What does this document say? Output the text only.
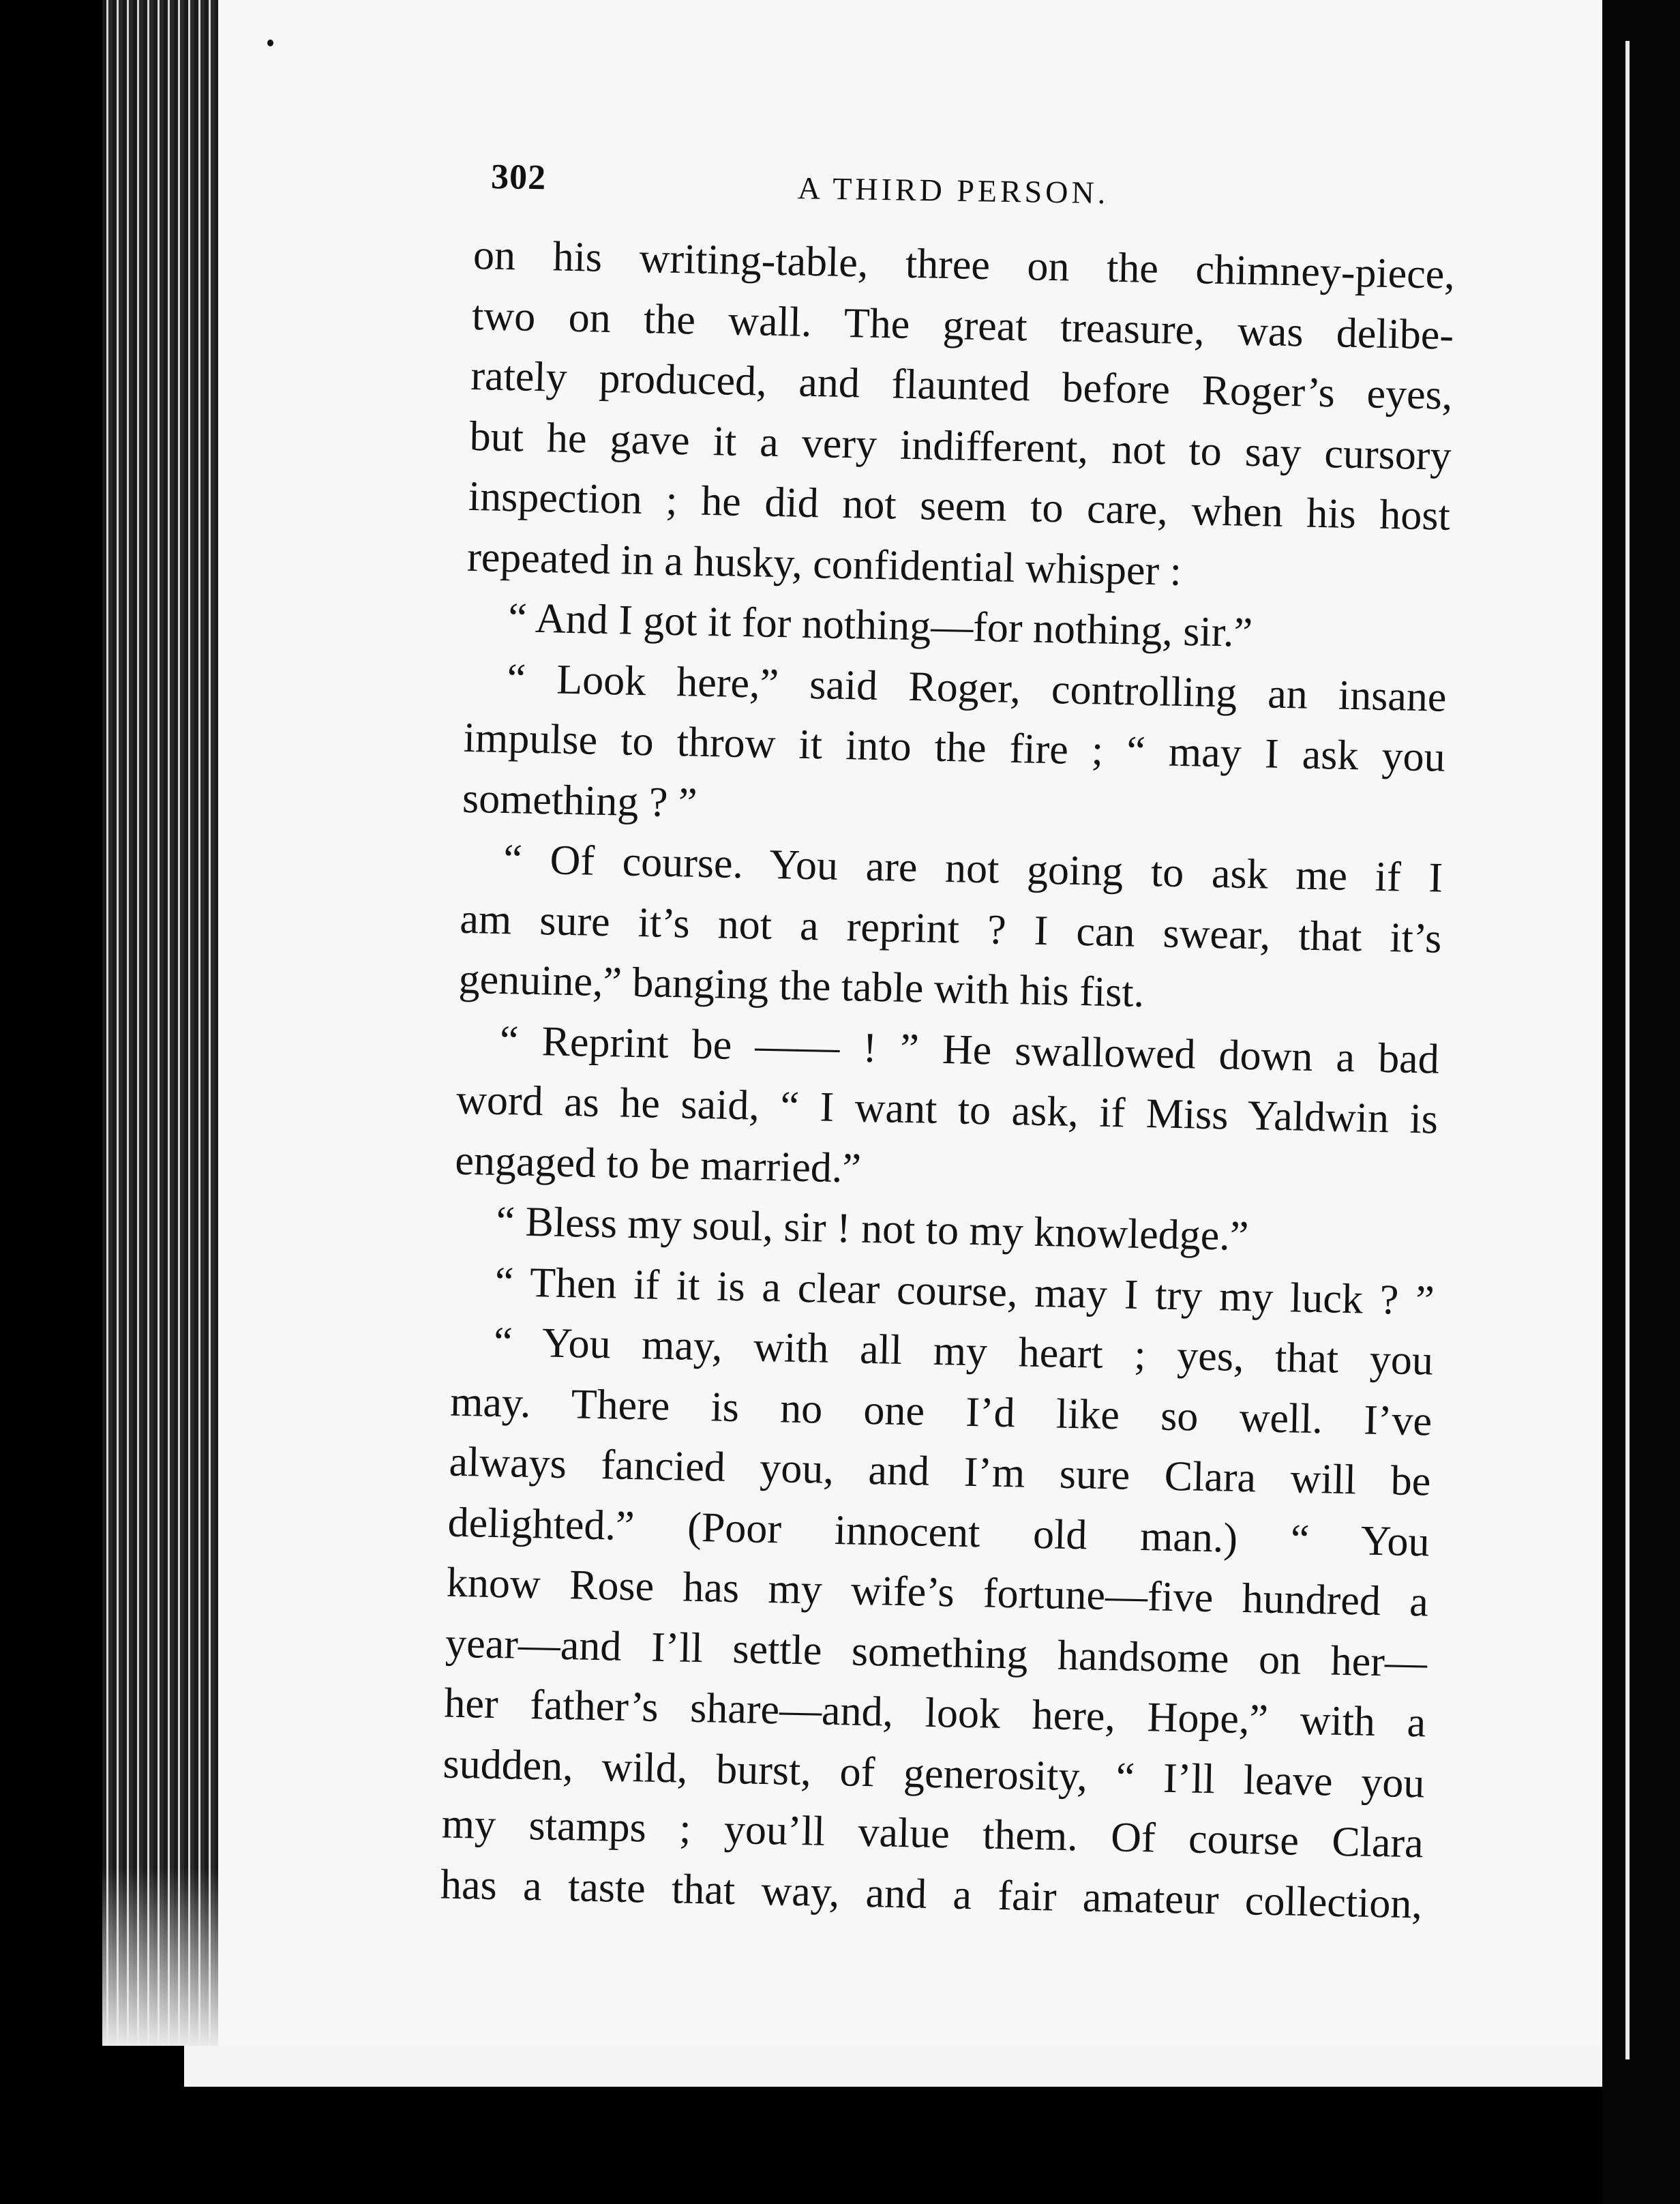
302	A THIRD PERSON.
on his writing-table, three on the chimney-piece,
two on the wall. The great treasure, was delibe-
rately produced, and flaunted before Roger’s eyes,
but he gave it a very indifferent, not to say cursory
inspection ; he did not seem to care, when his host
repeated in a husky, confidential whisper :
“ And I got it for nothing—for nothing, sir.”
“ Look here,” said Roger, controlling an insane
impulse to throw it into the fire ; “ may I ask you
something ? ”
“ Of course. You are not going to ask me if I
am sure it’s not a reprint ? I can swear, that it’s
genuine,” banging the table with his fist.
“ Reprint be —— ! ” He swallowed down a bad
word as he said, “ I want to ask, if Miss Yaldwin is
engaged to be married.”
“ Bless my soul, sir ! not to my knowledge.”
“ Then if it is a clear course, may I try my luck ? ”
“ You may, with all my heart ; yes, that you
may. There is no one I’d like so well. I’ve
always fancied you, and I’m sure Clara will be
delighted.” (Poor innocent old man.) “ You
know Rose has my wife’s fortune—five hundred a
year—and I’ll settle something handsome on her—
her father’s share—and, look here, Hope,” with a
sudden, wild, burst, of generosity, “ I’ll leave you
my stamps ; you’ll value them. Of course Clara
has a taste that way, and a fair amateur collection,
